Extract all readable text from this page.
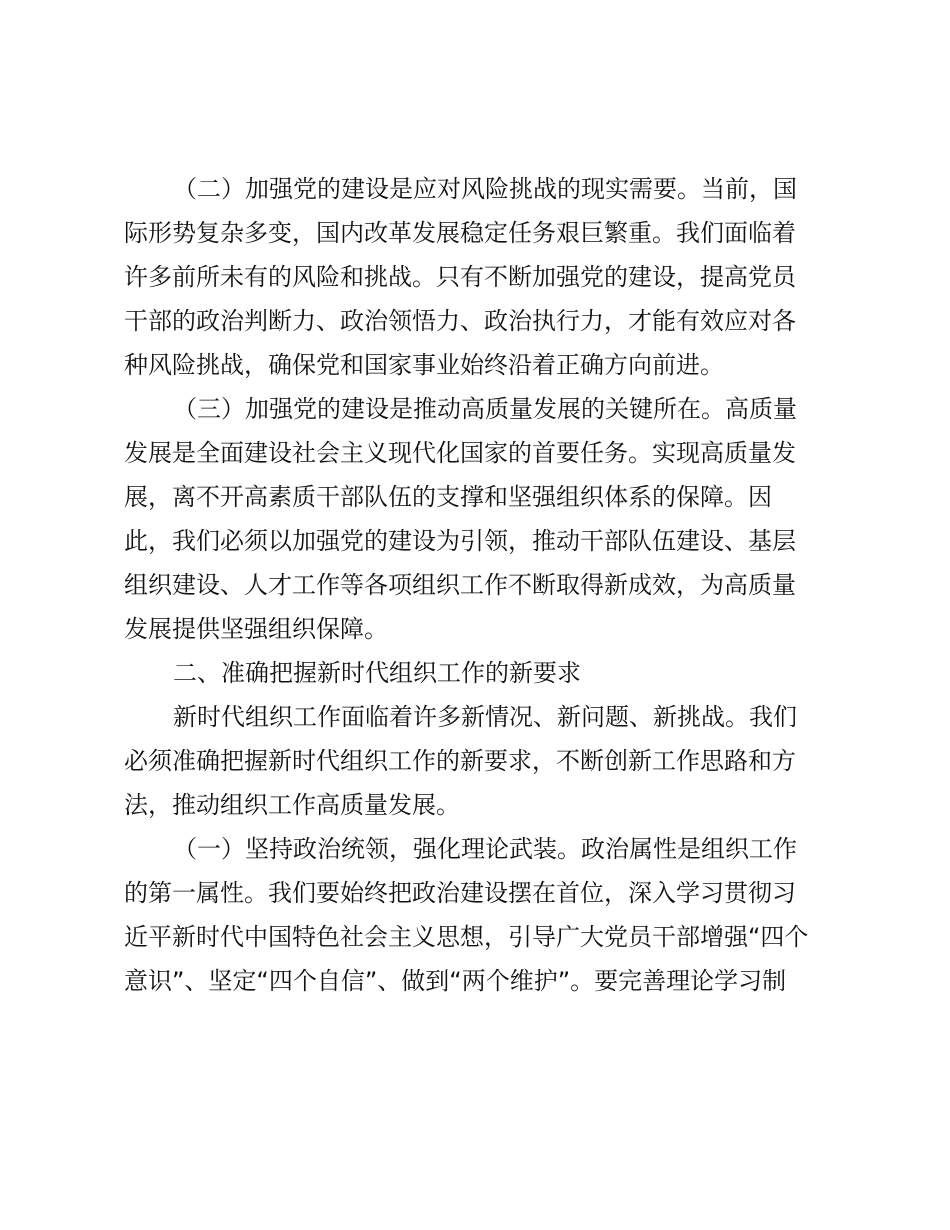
（二）加强党的建设是应对风险挑战的现实需要。当前，国
际形势复杂多变，国内改革发展稳定任务艰巨繁重。我们面临着
许多前所未有的风险和挑战。只有不断加强党的建设，提高党员
干部的政治判断力、政治领悟力、政治执行力，才能有效应对各
种风险挑战，确保党和国家事业始终沿着正确方向前进。
（三）加强党的建设是推动高质量发展的关键所在。高质量
发展是全面建设社会主义现代化国家的首要任务。实现高质量发
展，离不开高素质干部队伍的支撑和坚强组织体系的保障。因
此，我们必须以加强党的建设为引领，推动干部队伍建设、基层
组织建设、人才工作等各项组织工作不断取得新成效，为高质量
发展提供坚强组织保障。
二、准确把握新时代组织工作的新要求
新时代组织工作面临着许多新情况、新问题、新挑战。我们
必须准确把握新时代组织工作的新要求，不断创新工作思路和方
法，推动组织工作高质量发展。
（一）坚持政治统领，强化理论武装。政治属性是组织工作
的第一属性。我们要始终把政治建设摆在首位，深入学习贯彻习
近平新时代中国特色社会主义思想，引导广大党员干部增强“四个
意识”、坚定“四个自信”、做到“两个维护”。要完善理论学习制
